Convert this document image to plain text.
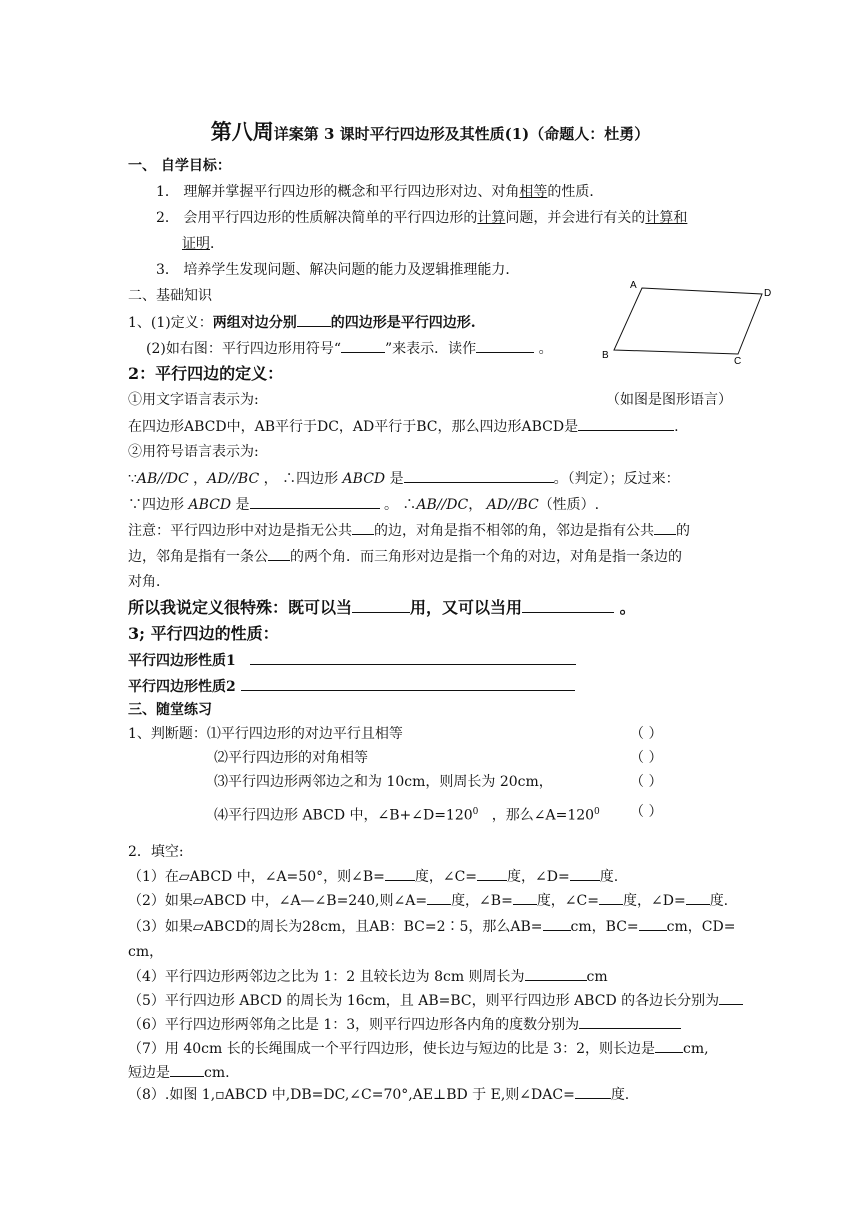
第八周详案第 3 课时平行四边形及其性质(1)（命题人：杜勇）
一、 自学目标：
1． 理解并掌握平行四边形的概念和平行四边形对边、对角相等的性质．
2． 会用平行四边形的性质解决简单的平行四边形的计算问题，并会进行有关的计算和
证明．
3． 培养学生发现问题、解决问题的能力及逻辑推理能力．
二、基础知识
1、(1)定义：两组对边分别 的四边形是平行四边形.
(2)如右图：平行四边形用符号“	”来表示．读作	。
A
D
B
C
2：平行四边的定义：
①用文字语言表示为:	（如图是图形语言）
在四边形ABCD中，AB平行于DC，AD平行于BC，那么四边形ABCD是	.
②用符号语言表示为:
∵AB//DC ，AD//BC ， ∴四边形 ABCD 是	。（判定）；反过来：
∵四边形 ABCD 是	。 ∴AB//DC， AD//BC（性质）.
注意：平行四边形中对边是指无公共 的边，对角是指不相邻的角，邻边是指有公共 的
边，邻角是指有一条公 的两个角．而三角形对边是指一个角的对边，对角是指一条边的
对角．
所以我说定义很特殊：既可以当	用，又可以当用	。
3; 平行四边的性质：
平行四边形性质1
平行四边形性质2
三、随堂练习
1、判断题：⑴平行四边形的对边平行且相等	（ ）
⑵平行四边形的对角相等	（ ）
⑶平行四边形两邻边之和为 10cm，则周长为 20cm，	（ ）
⑷平行四边形 ABCD 中，$\angle B+\angle D=120^0$ ，那么$\angle A=120^0$ （ ）
2．填空:
（1）在▱ABCD 中，∠A=50°，则∠B= 度，∠C= 度，∠D= 度.
（2）如果▱ABCD 中，∠A—∠B=240,则∠A= 度，∠B= 度，∠C= 度，∠D= 度.
（3）如果▱ABCD的周长为28cm，且AB：BC=2∶5，那么AB= cm，BC= cm，CD=
cm，
（4）平行四边形两邻边之比为 1：2 且较长边为 8cm 则周长为	cm
（5）平行四边形 ABCD 的周长为 16cm，且 AB=BC，则平行四边形 ABCD 的各边长分别为
（6）平行四边形两邻角之比是 1：3，则平行四边形各内角的度数分别为
（7）用 40cm 长的长绳围成一个平行四边形，使长边与短边的比是 3：2，则长边是 cm,
短边是 cm.
（8）.如图 1,▫ABCD 中,DB=DC,∠C=70°,AE⊥BD 于 E,则∠DAC=	度.
